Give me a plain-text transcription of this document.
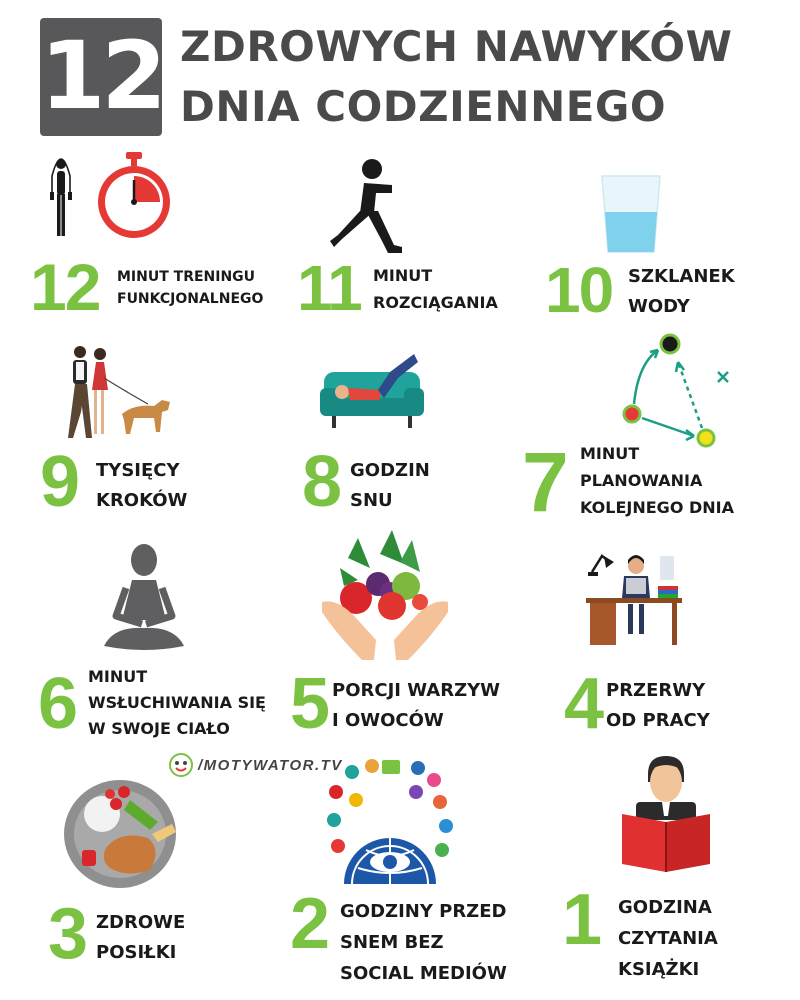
12 ZDROWYCH NAWYKÓW
DNIA CODZIENNEGO
/MOTYWATOR.TV
12 MINUT TRENINGU
FUNKCJONALNEGO 11 MINUT
ROZCIĄGANIA 10 SZKLANEK
WODY
9 TYSIĘCY
KROKÓW 8 GODZIN
SNU	7 MINUT
PLANOWANIA
KOLEJNEGO DNIA
6 MINUT
WSŁUCHIWANIA SIĘ
W SWOJE CIAŁO 5 PORCJI WARZYW
I OWOCÓW	4 PRZERWY
OD PRACY
3 ZDROWE
POSIŁKI 2 GODZINY PRZED
SNEM BEZ
SOCIAL MEDIÓW
1 GODZINA
CZYTANIA
KSIĄŻKI
